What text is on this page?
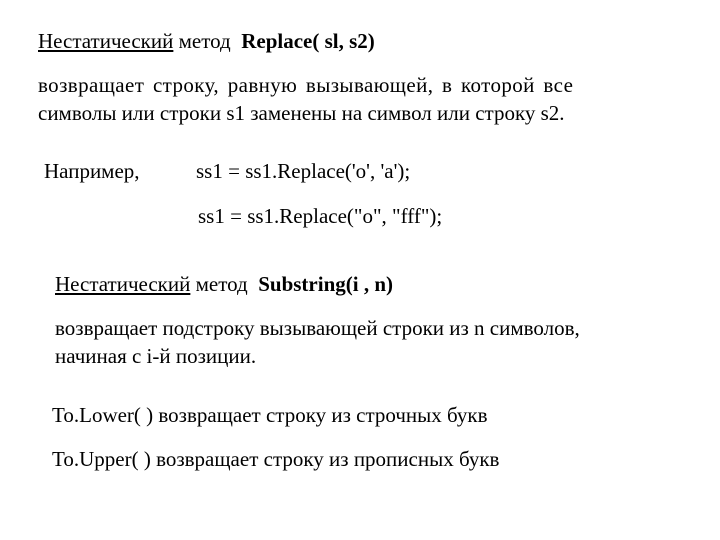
Нестатический метод  Replace( sl, s2)
возвращает строку, равную вызывающей, в которой все
символы или строки s1 заменены на символ или строку s2.
Например,	ss1 = ss1.Replace('o', 'a');
ss1 = ss1.Replace("o", "fff");
Нестатический метод  Substring(i , n)
возвращает подстроку вызывающей строки из n символов,
начиная с i-й позиции.
To.Lower( ) возвращает строку из строчных букв
To.Upper( ) возвращает строку из прописных букв
